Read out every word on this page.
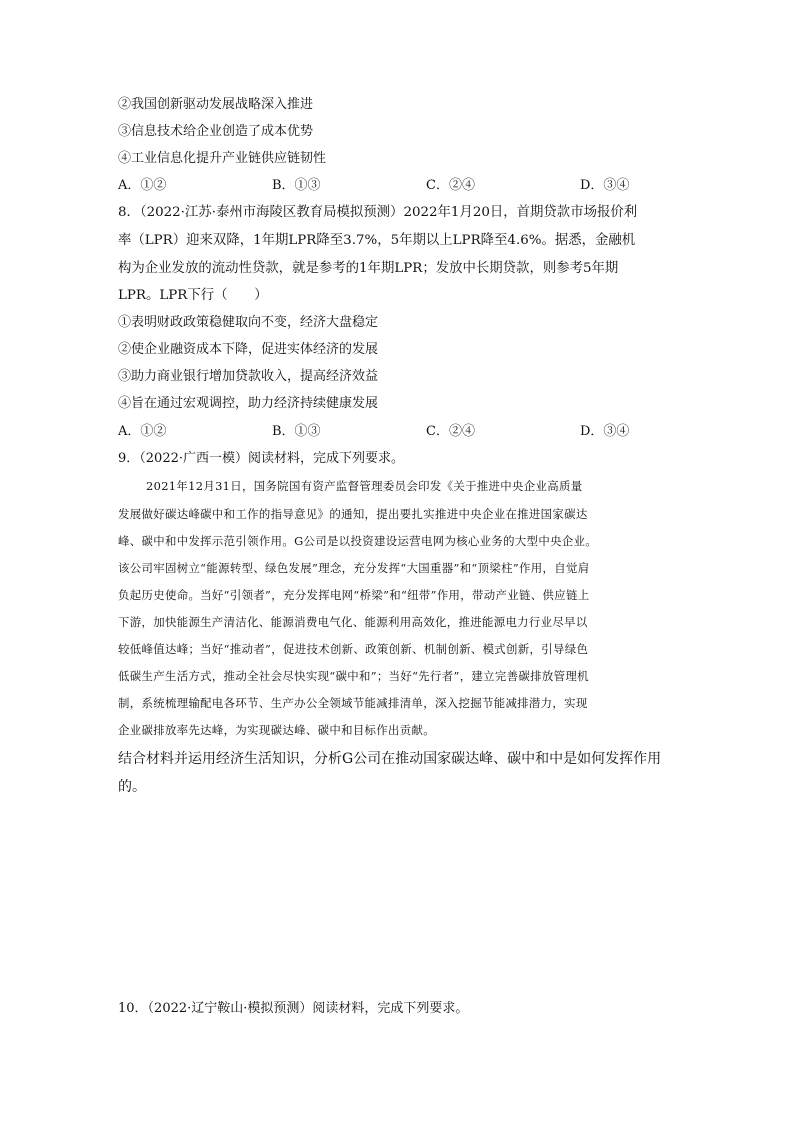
②我国创新驱动发展战略深入推进
③信息技术给企业创造了成本优势
④工业信息化提升产业链供应链韧性
A．①②	B．①③	C．②④	D．③④
8．（2022·江苏·泰州市海陵区教育局模拟预测）2022年1月20日，首期贷款市场报价利
率（LPR）迎来双降，1年期LPR降至3.7%，5年期以上LPR降至4.6%。据悉，金融机
构为企业发放的流动性贷款，就是参考的1年期LPR；发放中长期贷款，则参考5年期
LPR。LPR下行（　　）
①表明财政政策稳健取向不变，经济大盘稳定
②使企业融资成本下降，促进实体经济的发展
③助力商业银行增加贷款收入，提高经济效益
④旨在通过宏观调控，助力经济持续健康发展
A．①②	B．①③	C．②④	D．③④
9．（2022·广西一模）阅读材料，完成下列要求。
2021年12月31日，国务院国有资产监督管理委员会印发《关于推进中央企业高质量
发展做好碳达峰碳中和工作的指导意见》的通知，提出要扎实推进中央企业在推进国家碳达
峰、碳中和中发挥示范引领作用。G公司是以投资建设运营电网为核心业务的大型中央企业。
该公司牢固树立“能源转型、绿色发展”理念，充分发挥“大国重器”和“顶梁柱”作用，自觉肩
负起历史使命。当好“引领者”，充分发挥电网“桥梁”和“纽带”作用，带动产业链、供应链上
下游，加快能源生产清洁化、能源消费电气化、能源利用高效化，推进能源电力行业尽早以
较低峰值达峰；当好“推动者”，促进技术创新、政策创新、机制创新、模式创新，引导绿色
低碳生产生活方式，推动全社会尽快实现“碳中和”；当好“先行者”，建立完善碳排放管理机
制，系统梳理输配电各环节、生产办公全领域节能减排清单，深入挖掘节能减排潜力，实现
企业碳排放率先达峰，为实现碳达峰、碳中和目标作出贡献。
结合材料并运用经济生活知识，分析G公司在推动国家碳达峰、碳中和中是如何发挥作用
的。
10．（2022·辽宁鞍山·模拟预测）阅读材料，完成下列要求。
